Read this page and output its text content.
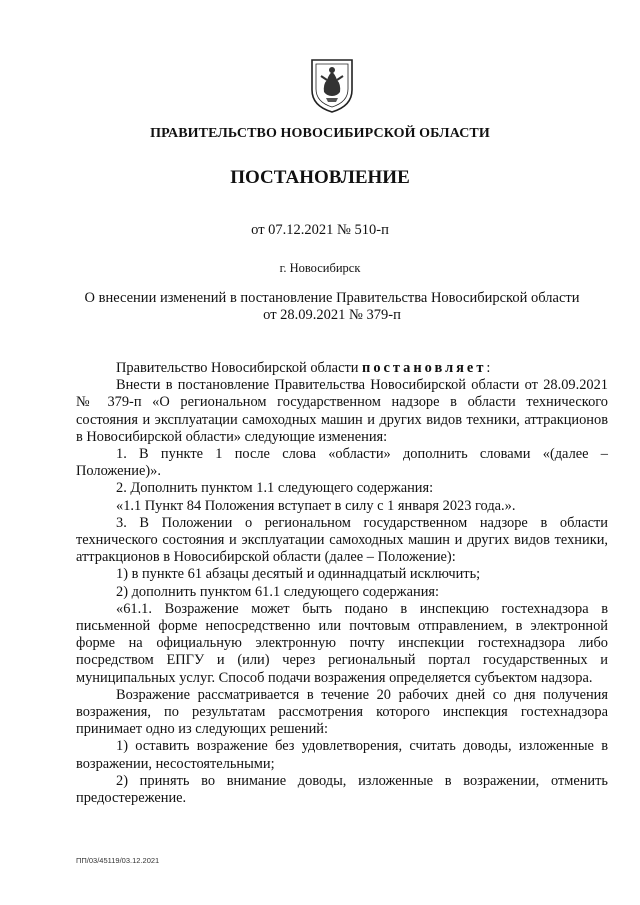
ПРАВИТЕЛЬСТВО НОВОСИБИРСКОЙ ОБЛАСТИ
ПОСТАНОВЛЕНИЕ
от 07.12.2021 № 510-п
г. Новосибирск
О внесении изменений в постановление Правительства Новосибирской области
от 28.09.2021 № 379-п

Правительство Новосибирской области постановляет:

Внести в постановление Правительства Новосибирской области от 28.09.2021 № 379-п «О региональном государственном надзоре в области технического состояния и эксплуатации самоходных машин и других видов техники, аттракционов в Новосибирской области» следующие изменения:

1. В пункте 1 после слова «области» дополнить словами «(далее – Положение)».

2. Дополнить пунктом 1.1 следующего содержания:

«1.1 Пункт 84 Положения вступает в силу с 1 января 2023 года.».

3. В Положении о региональном государственном надзоре в области технического состояния и эксплуатации самоходных машин и других видов техники, аттракционов в Новосибирской области (далее – Положение):

1) в пункте 61 абзацы десятый и одиннадцатый исключить;

2) дополнить пунктом 61.1 следующего содержания:

«61.1. Возражение может быть подано в инспекцию гостехнадзора в письменной форме непосредственно или почтовым отправлением, в электронной форме на официальную электронную почту инспекции гостехнадзора либо посредством ЕПГУ и (или) через региональный портал государственных и муниципальных услуг. Способ подачи возражения определяется субъектом надзора.

Возражение рассматривается в течение 20 рабочих дней со дня получения возражения, по результатам рассмотрения которого инспекция гостехнадзора принимает одно из следующих решений:

1) оставить возражение без удовлетворения, считать доводы, изложенные в возражении, несостоятельными;

2) принять во внимание доводы, изложенные в возражении, отменить предостережение.

ПП/03/45119/03.12.2021
